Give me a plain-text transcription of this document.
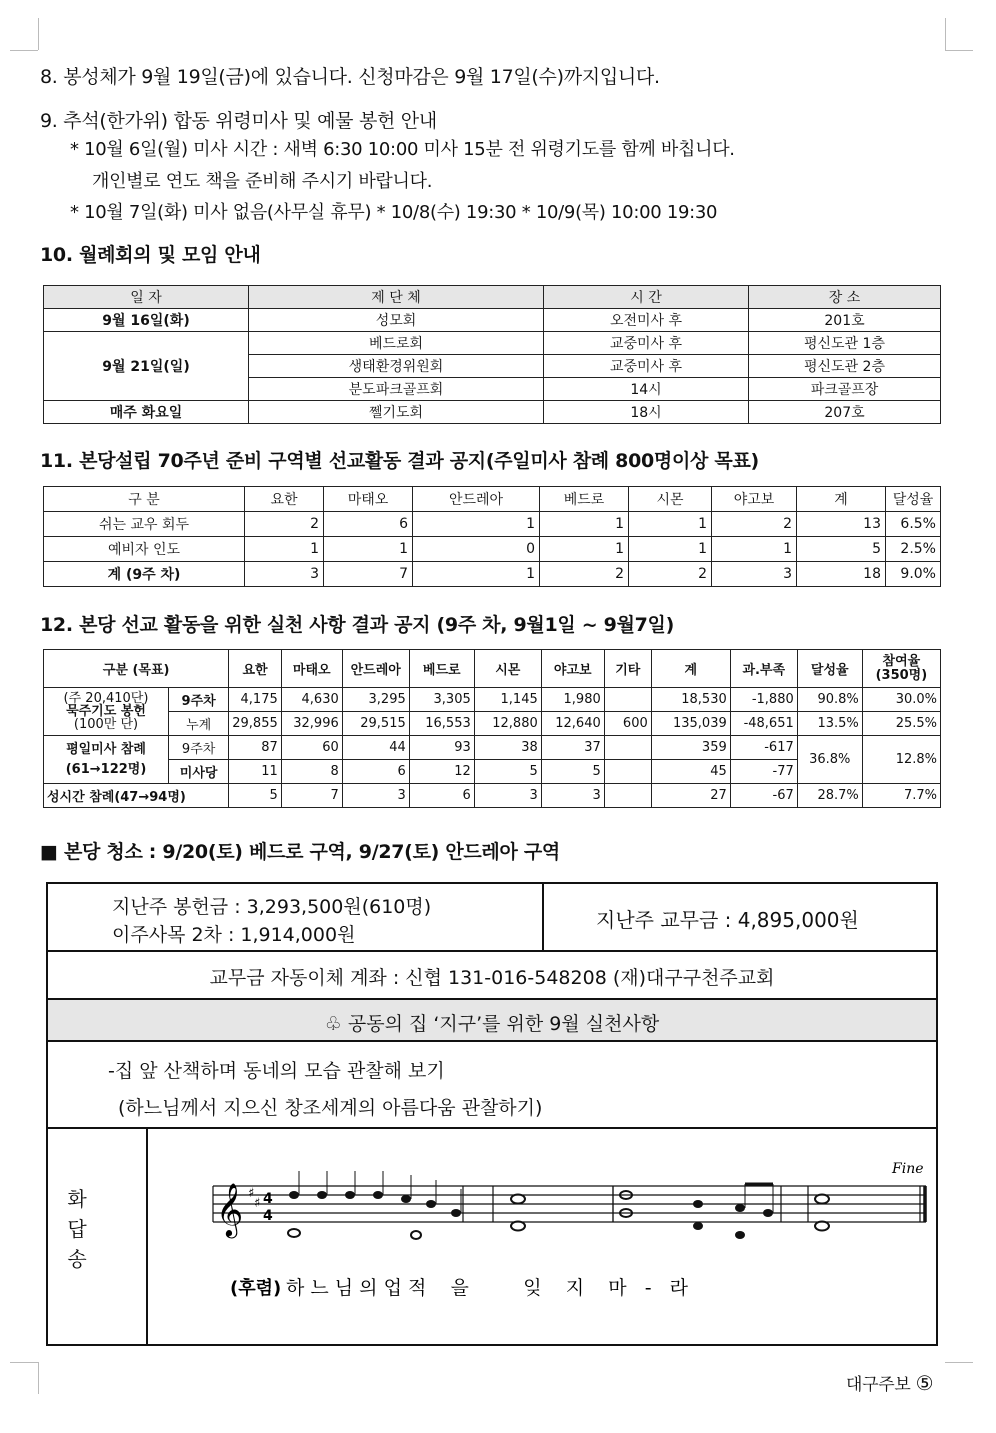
8. 봉성체가 9월 19일(금)에 있습니다. 신청마감은 9월 17일(수)까지입니다.
9. 추석(한가위) 합동 위령미사 및 예물 봉헌 안내
* 10월 6일(월) 미사 시간 : 새벽 6:30 10:00 미사 15분 전 위령기도를 함께 바칩니다.
개인별로 연도 책을 준비해 주시기 바랍니다.
* 10월 7일(화) 미사 없음(사무실 휴무) * 10/8(수) 19:30 * 10/9(목) 10:00 19:30
10. 월례회의 및 모임 안내
일 자	제 단 체	시 간	장 소
9월 16일(화)	성모회	오전미사 후	201호
9월 21일(일)	베드로회	교중미사 후	평신도관 1층
	생태환경위원회	교중미사 후	평신도관 2층
	분도파크골프회	14시	파크골프장
매주 화요일	쩰기도회	18시	207호
11. 본당설립 70주년 준비 구역별 선교활동 결과 공지(주일미사 참례 800명이상 목표)
구 분	요한	마태오	안드레아	베드로	시몬	야고보	계	달성율
쉬는 교우 회두	2	6	1	1	1	2	13	6.5%
예비자 인도	1	1	0	1	1	1	5	2.5%
계 (9주 차)	3	7	1	2	2	3	18	9.0%
12. 본당 선교 활동을 위한 실천 사항 결과 공지 (9주 차, 9월1일 ~ 9월7일)
구분 (목표)		요한	마태오	안드레아	베드로	시몬	야고보	기타	계	과.부족	달성율	참여율 (350명)

(주 20,410단)
묵주기도 봉헌
(100만 단)	9주차	4,175	4,630	3,295	3,305	1,145	1,980		18,530	-1,880	90.8%	30.0%
	누계	29,855	32,996	29,515	16,553	12,880	12,640	600	135,039	-48,651	13.5%	25.5%

평일미사 참례
(61→122명)	9주차	87	60	44	93	38	37		359	-617	36.8%	12.8%
	미사당	11	8	6	12	5	5		45	-77		
성시간 참례(47→94명)		5	7	3	6	3	3		27	-67	28.7%	7.7%
■ 본당 청소 : 9/20(토) 베드로 구역, 9/27(토) 안드레아 구역
지난주 봉헌금 : 3,293,500원(610명)
이주사목 2차 : 1,914,000원
지난주 교무금 : 4,895,000원
교무금 자동이체 계좌 : 신협 131-016-548208 (재)대구구천주교회
♧ 공동의 집 ‘지구’를 위한 9월 실천사항
-집 앞 산책하며 동네의 모습 관찰해 보기
(하느님께서 지으신 창조세계의 아름다움 관찰하기)
화답송
𝄞 ♯
♯ 4
4
Fine
(후렴) 하 느 님 의 업 적    을         잊    지    마   -   라
대구주보 ⑤
